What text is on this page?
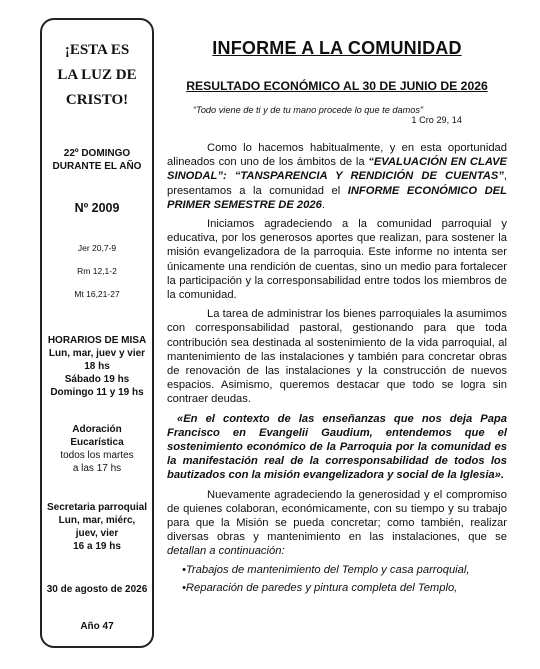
¡ESTA ES
LA LUZ DE
CRISTO!
22º DOMINGO
DURANTE EL AÑO
Nº 2009
Jer 20,7-9
Rm 12,1-2
Mt 16,21-27
HORARIOS DE MISA
Lun, mar, juev y vier
18 hs
Sábado 19 hs
Domingo 11 y 19 hs
Adoración
Eucarística
todos los martes
a las 17 hs
Secretaria parroquial
Lun, mar, miérc,
juev, vier
16 a 19 hs
30 de agosto de 2026
Año 47
INFORME A LA COMUNIDAD
RESULTADO ECONÓMICO AL 30 DE JUNIO DE 2026
“Todo viene de ti y de tu mano procede lo que te damos”
1 Cro 29, 14

Como lo hacemos habitualmente, y en esta oportunidad alineados con uno de los ámbitos de la “EVALUACIÓN EN CLAVE SINODAL”: “TANSPARENCIA Y RENDICIÓN DE CUENTAS”, presentamos a la comunidad el INFORME ECONÓMICO DEL PRIMER SEMESTRE DE 2026.

Iniciamos agradeciendo a la comunidad parroquial y educativa, por los generosos aportes que realizan, para sostener la misión evangelizadora de la parroquia. Este informe no intenta ser únicamente una rendición de cuentas, sino un medio para fortalecer la participación y la corresponsabilidad entre todos los miembros de la comunidad.

La tarea de administrar los bienes parroquiales la asumimos con corresponsabilidad pastoral, gestionando para que toda contribución sea destinada al sostenimiento de la vida parroquial, al mantenimiento de las instalaciones y también para concretar obras de renovación de las instalaciones y la construcción de nuevos espacios. Asimismo, queremos destacar que todo se logra sin contraer deudas.

«En el contexto de las enseñanzas que nos deja Papa Francisco en Evangelii Gaudium, entendemos que el sostenimiento económico de la Parroquia por la comunidad es la manifestación real de la corresponsabilidad de todos los bautizados con la misión evangelizadora y social de la Iglesia».

Nuevamente agradeciendo la generosidad y el compromiso de quienes colaboran, económicamente, con su tiempo y su trabajo para que la Misión se pueda concretar; como también, realizar diversas obras y mantenimiento en las instalaciones, que se detallan a continuación:

•Trabajos de mantenimiento del Templo y casa parroquial,
•Reparación de paredes y pintura completa del Templo,
